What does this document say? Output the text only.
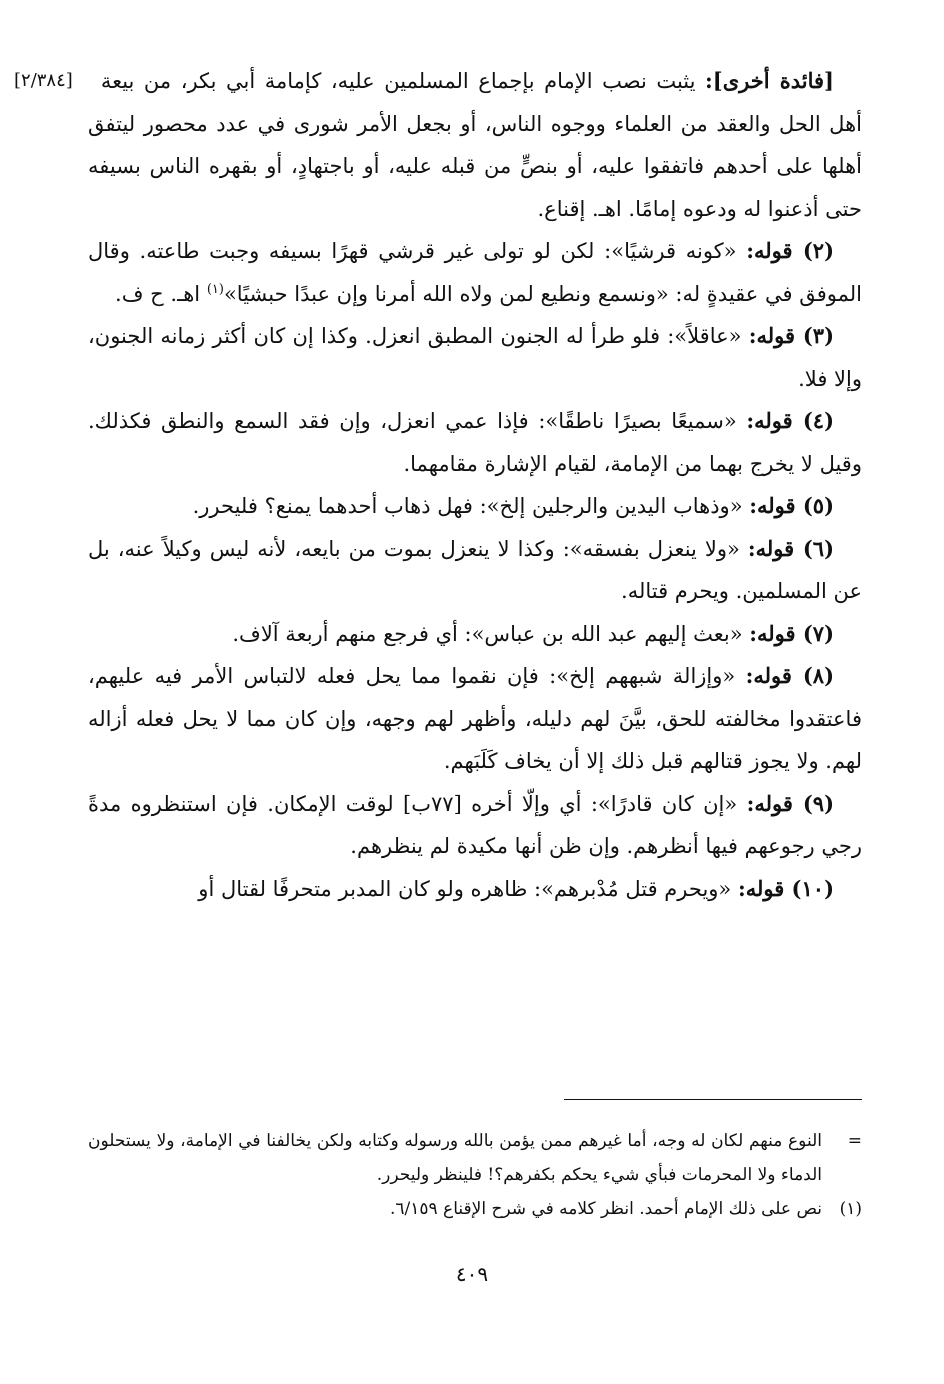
[٢/٣٨٤]	[فائدة أخرى]: يثبت نصب الإمام بإجماع المسلمين عليه، كإمامة أبي بكر، من بيعة أهل الحل والعقد من العلماء ووجوه الناس، أو بجعل الأمر شورى في عدد محصور ليتفق أهلها على أحدهم فاتفقوا عليه، أو بنصٍّ من قبله عليه، أو باجتهادٍ، أو بقهره الناس بسيفه حتى أذعنوا له ودعوه إمامًا. اهـ. إقناع.

(٢) قوله: «كونه قرشيًا»: لكن لو تولى غير قرشي قهرًا بسيفه وجبت طاعته. وقال الموفق في عقيدةٍ له: «ونسمع ونطيع لمن ولاه الله أمرنا وإن عبدًا حبشيًا»$^{(١)}$ اهـ. ح ف.

(٣) قوله: «عاقلاً»: فلو طرأ له الجنون المطبق انعزل. وكذا إن كان أكثر زمانه الجنون، وإلا فلا.

(٤) قوله: «سميعًا بصيرًا ناطقًا»: فإذا عمي انعزل، وإن فقد السمع والنطق فكذلك. وقيل لا يخرج بهما من الإمامة، لقيام الإشارة مقامهما.

(٥) قوله: «وذهاب اليدين والرجلين إلخ»: فهل ذهاب أحدهما يمنع؟ فليحرر.

(٦) قوله: «ولا ينعزل بفسقه»: وكذا لا ينعزل بموت من بايعه، لأنه ليس وكيلاً عنه، بل عن المسلمين. ويحرم قتاله.

(٧) قوله: «بعث إليهم عبد الله بن عباس»: أي فرجع منهم أربعة آلاف.

(٨) قوله: «وإزالة شبههم إلخ»: فإن نقموا مما يحل فعله لالتباس الأمر فيه عليهم، فاعتقدوا مخالفته للحق، بيَّنَ لهم دليله، وأظهر لهم وجهه، وإن كان مما لا يحل فعله أزاله لهم. ولا يجوز قتالهم قبل ذلك إلا أن يخاف كَلَبَهم.

(٩) قوله: «إن كان قادرًا»: أي وإلّا أخره [٧٧ب] لوقت الإمكان. فإن استنظروه مدةً رجي رجوعهم فيها أنظرهم. وإن ظن أنها مكيدة لم ينظرهم.

(١٠) قوله: «ويحرم قتل مُدْبرهم»: ظاهره ولو كان المدبر متحرفًا لقتال أو

=
النوع منهم لكان له وجه، أما غيرهم ممن يؤمن بالله ورسوله وكتابه ولكن يخالفنا في الإمامة، ولا يستحلون الدماء ولا المحرمات فبأي شيء يحكم بكفرهم؟! فلينظر وليحرر.

(١)
نص على ذلك الإمام أحمد. انظر كلامه في شرح الإقناع ٦/١٥٩.

٤٠٩
